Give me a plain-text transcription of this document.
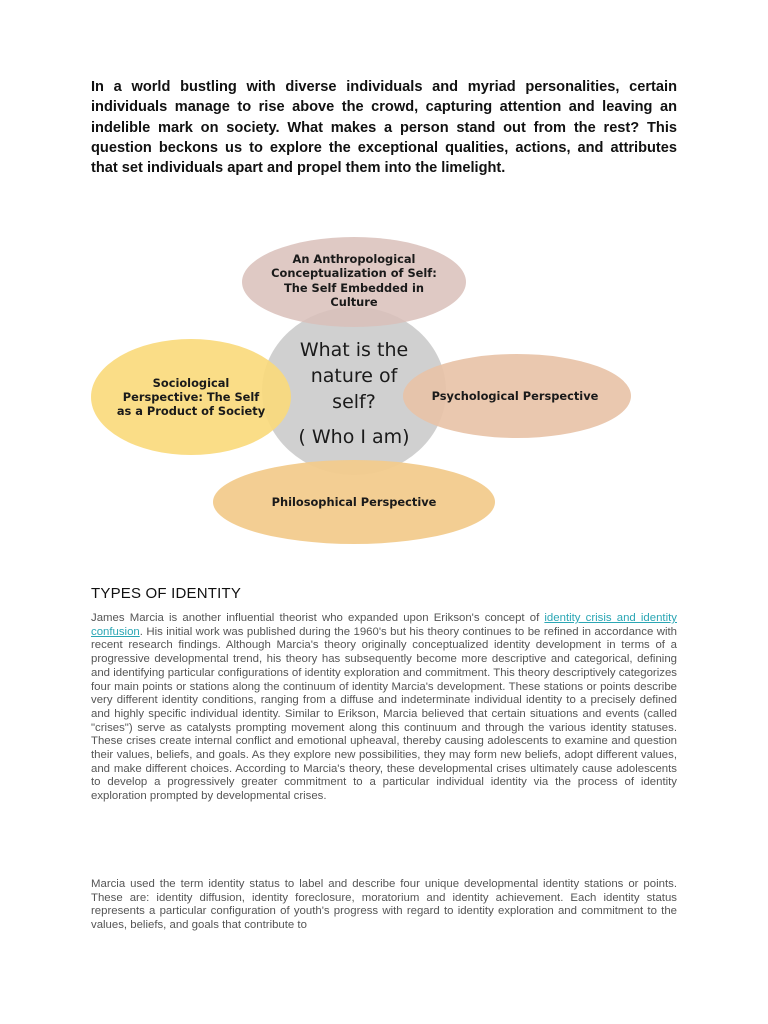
In a world bustling with diverse individuals and myriad personalities, certain individuals manage to rise above the crowd, capturing attention and leaving an indelible mark on society. What makes a person stand out from the rest? This question beckons us to explore the exceptional qualities, actions, and attributes that set individuals apart and propel them into the limelight.

An Anthropological
Conceptualization of Self:
The Self Embedded in
Culture
Sociological
Perspective: The Self
as a Product of Society
Psychological Perspective
Philosophical Perspective
What is the
nature of
self?
( Who I am)
TYPES OF IDENTITY

James Marcia is another influential theorist who expanded upon Erikson's concept of identity crisis and identity confusion. His initial work was published during the 1960's but his theory continues to be refined in accordance with recent research findings. Although Marcia's theory originally conceptualized identity development in terms of a progressive developmental trend, his theory has subsequently become more descriptive and categorical, defining and identifying particular configurations of identity exploration and commitment. This theory descriptively categorizes four main points or stations along the continuum of identity Marcia's development. These stations or points describe very different identity conditions, ranging from a diffuse and indeterminate individual identity to a precisely defined and highly specific individual identity. Similar to Erikson, Marcia believed that certain situations and events (called "crises") serve as catalysts prompting movement along this continuum and through the various identity statuses. These crises create internal conflict and emotional upheaval, thereby causing adolescents to examine and question their values, beliefs, and goals. As they explore new possibilities, they may form new beliefs, adopt different values, and make different choices. According to Marcia's theory, these developmental crises ultimately cause adolescents to develop a progressively greater commitment to a particular individual identity via the process of identity exploration prompted by developmental crises.

Marcia used the term identity status to label and describe four unique developmental identity stations or points. These are: identity diffusion, identity foreclosure, moratorium and identity achievement. Each identity status represents a particular configuration of youth's progress with regard to identity exploration and commitment to the values, beliefs, and goals that contribute to
